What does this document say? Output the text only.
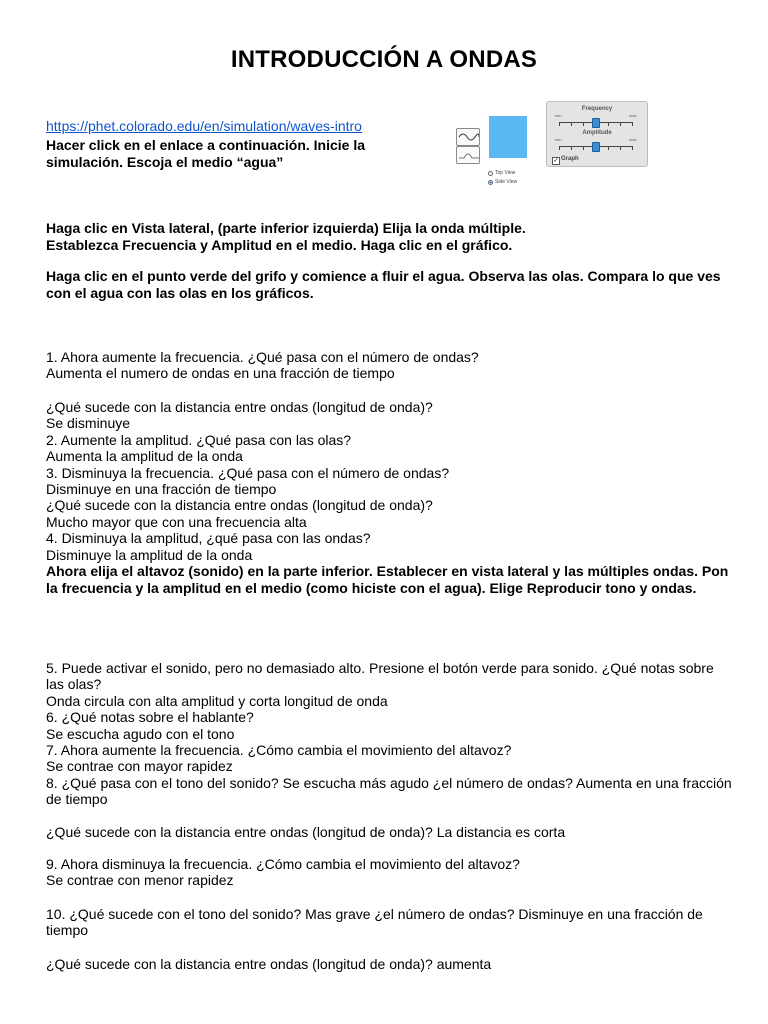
INTRODUCCIÓN A ONDAS
https://phet.colorado.edu/en/simulation/waves-intro
Hacer click en el enlace a continuación. Inicie la
simulación. Escoja el medio “agua”
Top View
Side View
Frequency
min	max
Amplitude
min	max
✓ Graph
Haga clic en Vista lateral, (parte inferior izquierda) Elija la onda múltiple.
Establezca Frecuencia y Amplitud en el medio. Haga clic en el gráfico.
Haga clic en el punto verde del grifo y comience a fluir el agua. Observa las olas. Compara lo que ves
con el agua con las olas en los gráficos.
1. Ahora aumente la frecuencia. ¿Qué pasa con el número de ondas?
Aumenta el numero de ondas en una fracción de tiempo
¿Qué sucede con la distancia entre ondas (longitud de onda)?
Se disminuye
2. Aumente la amplitud. ¿Qué pasa con las olas?
Aumenta la amplitud de la onda
3. Disminuya la frecuencia. ¿Qué pasa con el número de ondas?
Disminuye en una fracción de tiempo
¿Qué sucede con la distancia entre ondas (longitud de onda)?
Mucho mayor que con una frecuencia alta
4. Disminuya la amplitud, ¿qué pasa con las ondas?
Disminuye la amplitud de la onda
Ahora elija el altavoz (sonido) en la parte inferior. Establecer en vista lateral y las múltiples ondas. Pon
la frecuencia y la amplitud en el medio (como hiciste con el agua). Elige Reproducir tono y ondas.
5. Puede activar el sonido, pero no demasiado alto. Presione el botón verde para sonido. ¿Qué notas sobre
las olas?
Onda circula con alta amplitud y corta longitud de onda
6. ¿Qué notas sobre el hablante?
Se escucha agudo con el tono
7. Ahora aumente la frecuencia. ¿Cómo cambia el movimiento del altavoz?
Se contrae con mayor rapidez
8. ¿Qué pasa con el tono del sonido? Se escucha más agudo ¿el número de ondas? Aumenta en una fracción
de tiempo
¿Qué sucede con la distancia entre ondas (longitud de onda)? La distancia es corta
9. Ahora disminuya la frecuencia. ¿Cómo cambia el movimiento del altavoz?
Se contrae con menor rapidez
10. ¿Qué sucede con el tono del sonido? Mas grave ¿el número de ondas? Disminuye en una fracción de
tiempo
¿Qué sucede con la distancia entre ondas (longitud de onda)? aumenta
